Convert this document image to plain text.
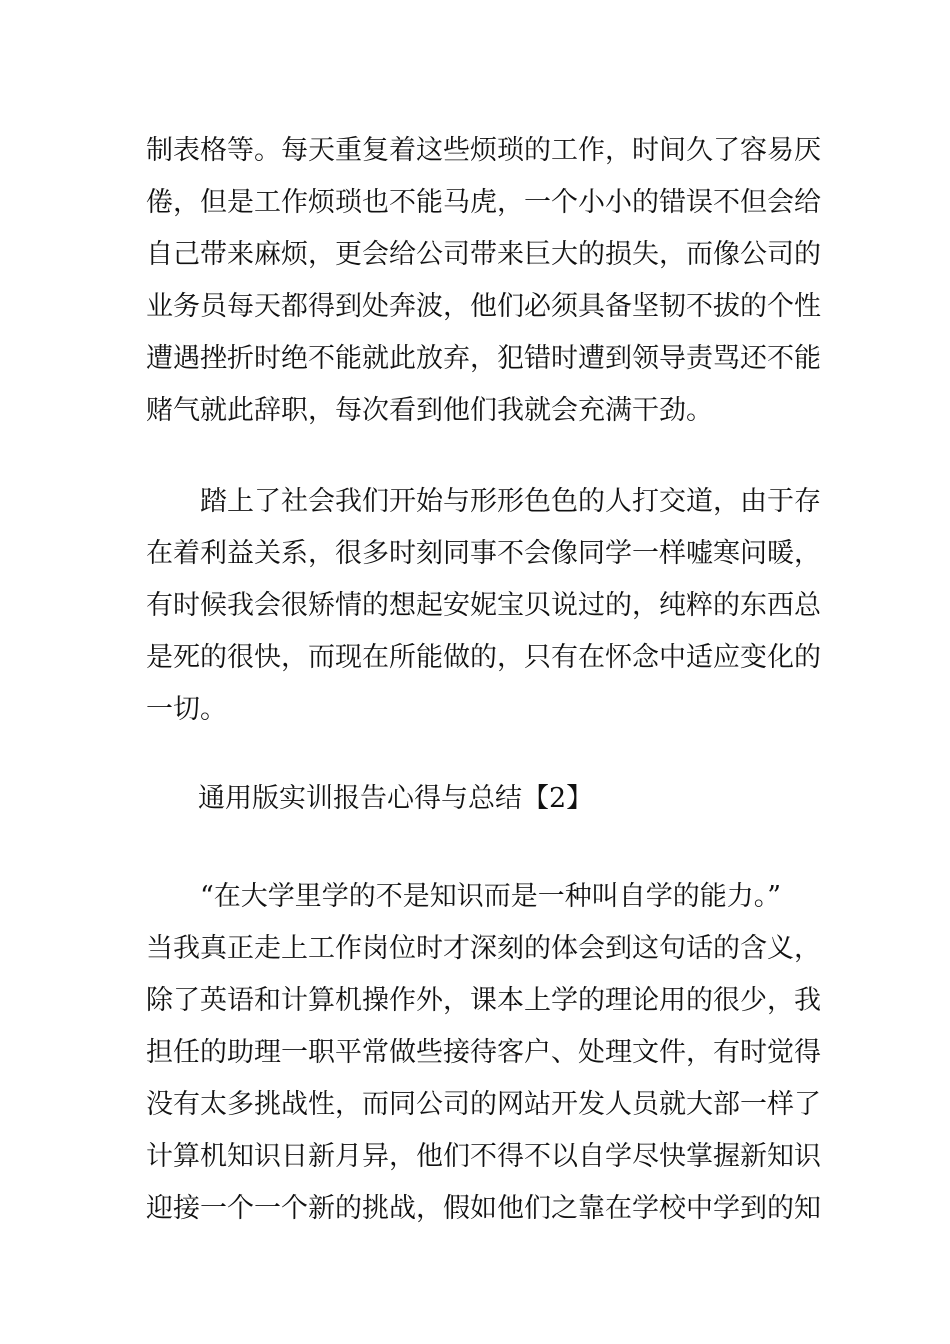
制表格等。每天重复着这些烦琐的工作，时间久了容易厌
倦，但是工作烦琐也不能马虎，一个小小的错误不但会给
自己带来麻烦，更会给公司带来巨大的损失，而像公司的
业务员每天都得到处奔波，他们必须具备坚韧不拔的个性
遭遇挫折时绝不能就此放弃，犯错时遭到领导责骂还不能
赌气就此辞职，每次看到他们我就会充满干劲。
踏上了社会我们开始与形形色色的人打交道，由于存
在着利益关系，很多时刻同事不会像同学一样嘘寒问暖，
有时候我会很矫情的想起安妮宝贝说过的，纯粹的东西总
是死的很快，而现在所能做的，只有在怀念中适应变化的
一切。
通用版实训报告心得与总结【2】
“在大学里学的不是知识而是一种叫自学的能力。”
当我真正走上工作岗位时才深刻的体会到这句话的含义，
除了英语和计算机操作外，课本上学的理论用的很少，我
担任的助理一职平常做些接待客户、处理文件，有时觉得
没有太多挑战性，而同公司的网站开发人员就大部一样了
计算机知识日新月异，他们不得不以自学尽快掌握新知识
迎接一个一个新的挑战，假如他们之靠在学校中学到的知
